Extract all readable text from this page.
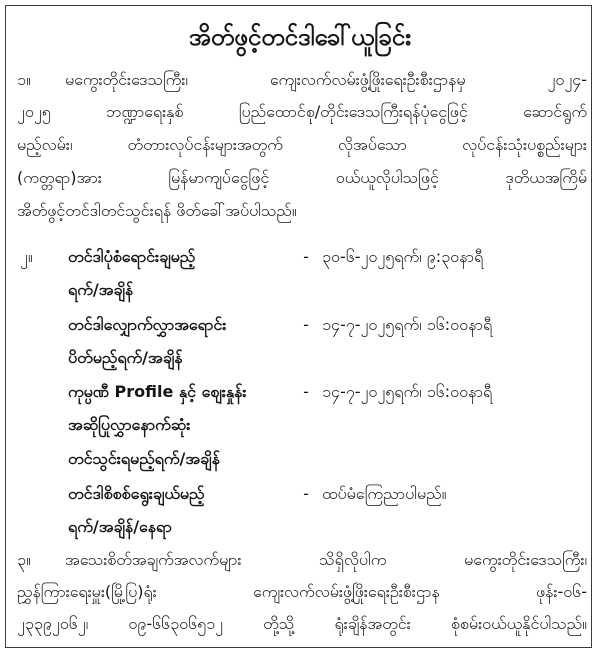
အိတ်ဖွင့်တင်ဒါခေါ်ယူခြင်း
၁။	မကွေးတိုင်းဒေသကြီး၊ ကျေးလက်လမ်းဖွံ့ဖြိုးရေးဦးစီးဌာနမှ ၂၀၂၄-
၂၀၂၅ ဘဏ္ဍာရေးနှစ် ပြည်ထောင်စု/တိုင်းဒေသကြီးရန်ပုံငွေဖြင့် ဆောင်ရွက်
မည့်လမ်း၊ တံတားလုပ်ငန်းများအတွက် လိုအပ်သော လုပ်ငန်းသုံးပစ္စည်းများ
(ကတ္တရာ)အား မြန်မာကျပ်ငွေဖြင့် ဝယ်ယူလိုပါသဖြင့် ဒုတိယအကြိမ်
အိတ်ဖွင့်တင်ဒါတင်သွင်းရန် ဖိတ်ခေါ်အပ်ပါသည်။
၂။	တင်ဒါပုံစံရောင်းချမည့်
ရက်/အချိန်
- ၃၀-၆-၂၀၂၅ရက်၊ ၉:၃၀နာရီ
တင်ဒါလျှောက်လွှာအရောင်း
ပိတ်မည့်ရက်/အချိန်
- ၁၄-၇-၂၀၂၅ရက်၊ ၁၆:၀၀နာရီ
ကုမ္ပဏီ Profile နှင့် စျေးနှုန်း
အဆိုပြုလွှာနောက်ဆုံး
တင်သွင်းရမည့်ရက်/အချိန်
- ၁၄-၇-၂၀၂၅ရက်၊ ၁၆:၀၀နာရီ
တင်ဒါစိစစ်ရွေးချယ်မည့်
ရက်/အချိန်/နေရာ
- ထပ်မံကြေညာပါမည်။
၃။	အသေးစိတ်အချက်အလက်များ သိရှိလိုပါက မကွေးတိုင်းဒေသကြီး၊
ညွှန်ကြားရေးမှူး(မြို့ပြ)ရုံး ကျေးလက်လမ်းဖွံ့ဖြိုးရေးဦးစီးဌာန ဖုန်း-၀၆-
၂၃၃၉၂၀၆၂၊ ၀၉-၆၆၃၀၆၅၁၂ တို့သို့ ရုံးချိန်အတွင်း စုံစမ်းဝယ်ယူနိုင်ပါသည်။
